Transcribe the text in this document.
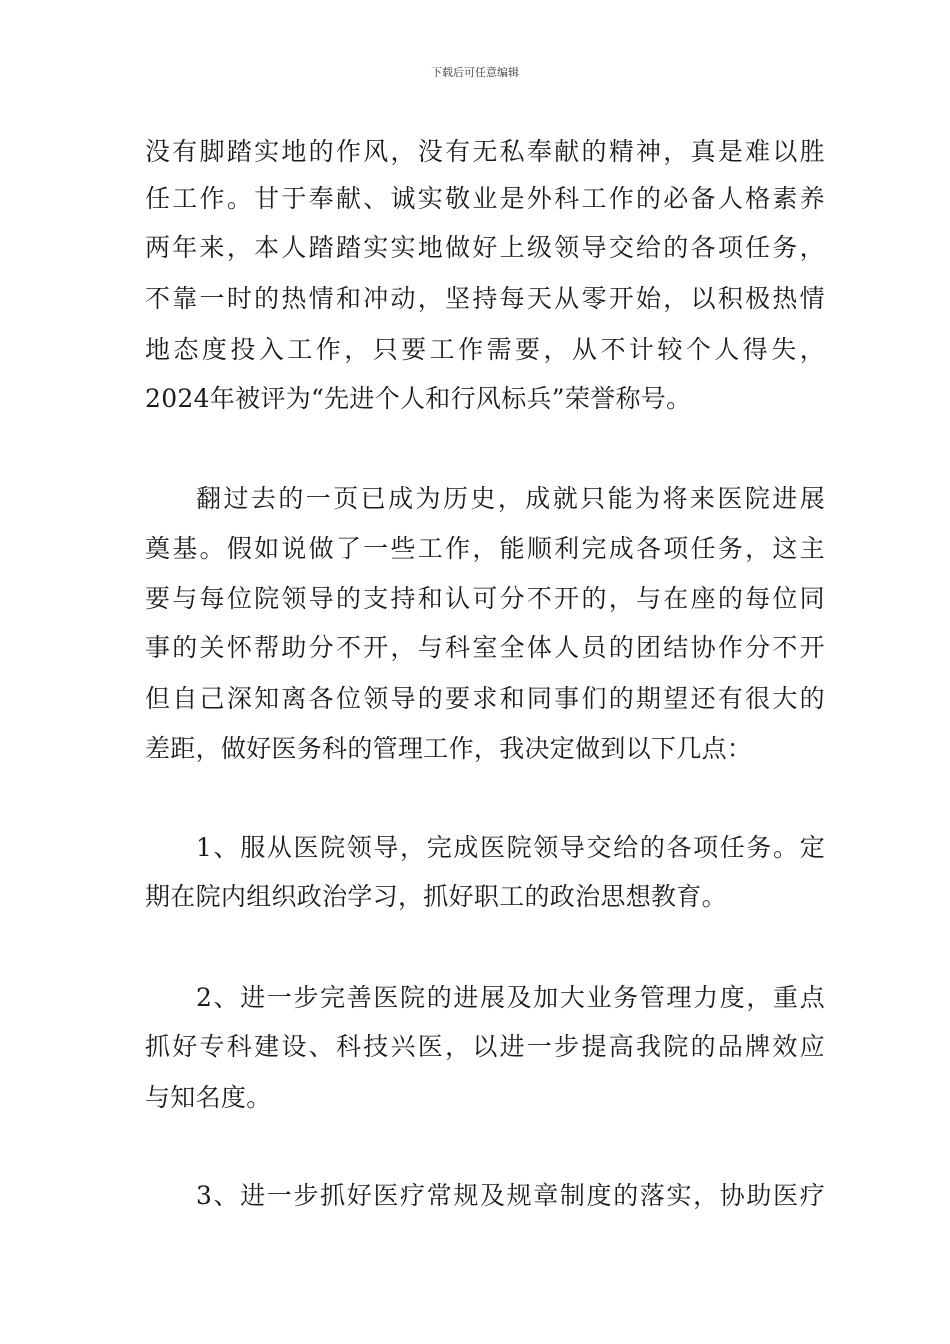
下载后可任意编辑
没有脚踏实地的作风，没有无私奉献的精神，真是难以胜
任工作。甘于奉献、诚实敬业是外科工作的必备人格素养
两年来，本人踏踏实实地做好上级领导交给的各项任务，
不靠一时的热情和冲动，坚持每天从零开始，以积极热情
地态度投入工作，只要工作需要，从不计较个人得失，
2024年被评为“先进个人和行风标兵”荣誉称号。
翻过去的一页已成为历史，成就只能为将来医院进展
奠基。假如说做了一些工作，能顺利完成各项任务，这主
要与每位院领导的支持和认可分不开的，与在座的每位同
事的关怀帮助分不开，与科室全体人员的团结协作分不开
但自己深知离各位领导的要求和同事们的期望还有很大的
差距，做好医务科的管理工作，我决定做到以下几点：
1、服从医院领导，完成医院领导交给的各项任务。定
期在院内组织政治学习，抓好职工的政治思想教育。
2、进一步完善医院的进展及加大业务管理力度，重点
抓好专科建设、科技兴医，以进一步提高我院的品牌效应
与知名度。
3、进一步抓好医疗常规及规章制度的落实，协助医疗
